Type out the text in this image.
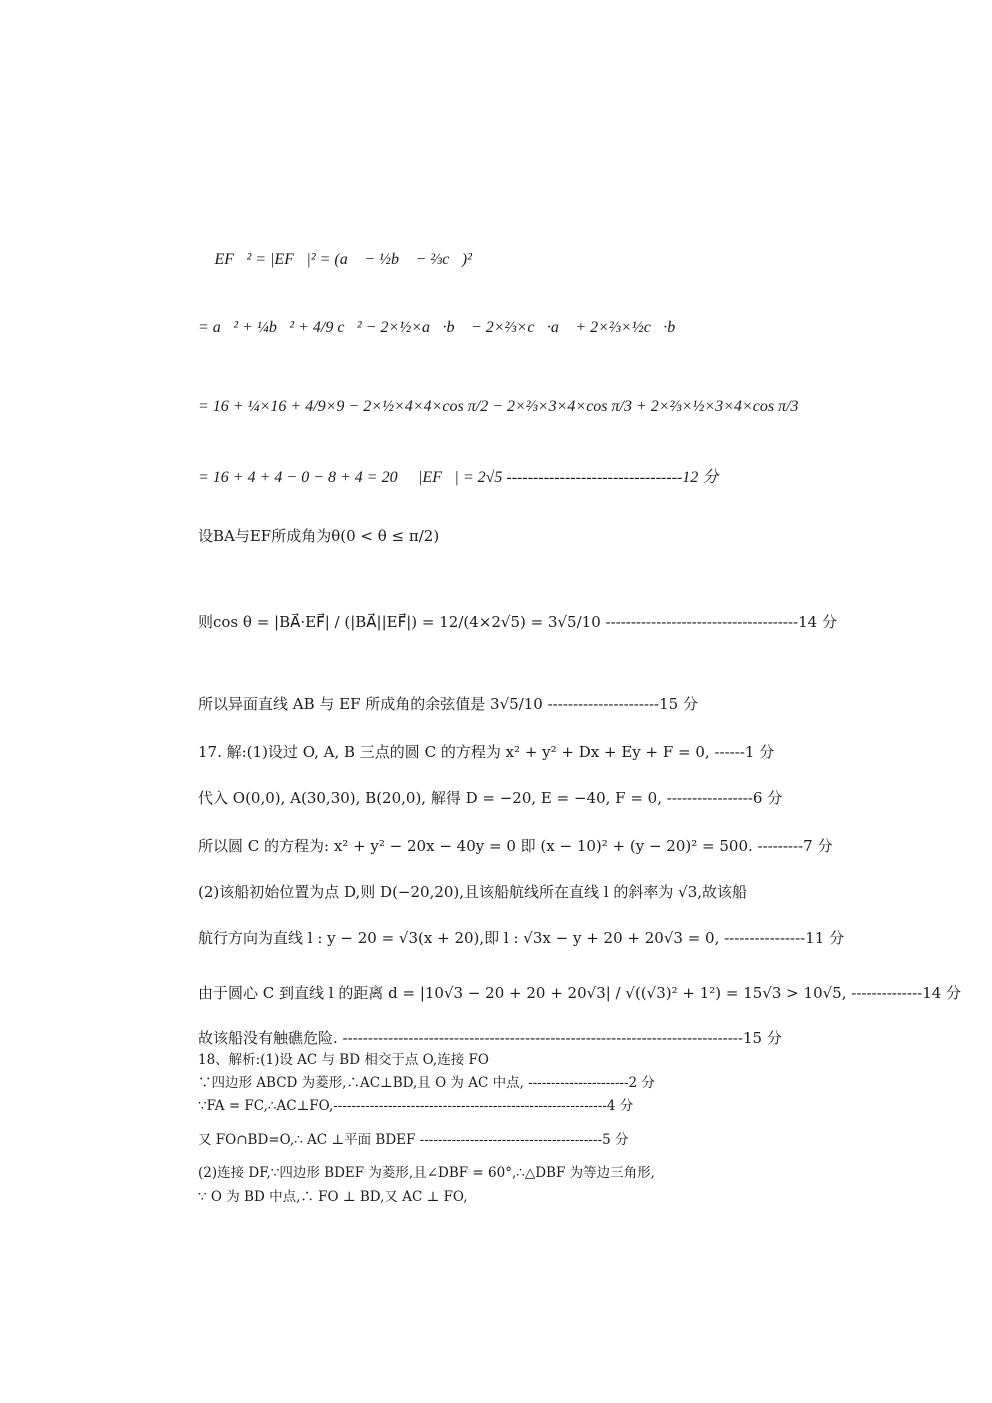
∴ EF⃗² = |EF⃗|² = (a⃗ − ½b⃗ − ⅔c⃗)²
= a⃗² + ¼b⃗² + 4/9 c⃗² − 2×½×a⃗·b⃗ − 2×⅔×c⃗·a⃗ + 2×⅔×½c⃗·b⃗
= 16 + ¼×16 + 4/9×9 − 2×½×4×4×cos π/2 − 2×⅔×3×4×cos π/3 + 2×⅔×½×3×4×cos π/3
= 16 + 4 + 4 − 0 − 8 + 4 = 20 ∴ |EF⃗| = 2√5 ---------------------------------12 分
设BA与EF所成角为θ(0 < θ ≤ π/2)
则cos θ = |BA⃗·EF⃗| / (|BA⃗||EF⃗|) = 12/(4×2√5) = 3√5/10 --------------------------------------14 分
所以异面直线 AB 与 EF 所成角的余弦值是 3√5/10 ----------------------15 分
17. 解:(1)设过 O, A, B 三点的圆 C 的方程为 x² + y² + Dx + Ey + F = 0, ------1 分
代入 O(0,0), A(30,30), B(20,0), 解得 D = −20, E = −40, F = 0, -----------------6 分
所以圆 C 的方程为: x² + y² − 20x − 40y = 0 即 (x − 10)² + (y − 20)² = 500. ---------7 分
(2)该船初始位置为点 D,则 D(−20,20),且该船航线所在直线 l 的斜率为 √3,故该船
航行方向为直线 l : y − 20 = √3(x + 20),即 l : √3x − y + 20 + 20√3 = 0, ----------------11 分
由于圆心 C 到直线 l 的距离 d = |10√3 − 20 + 20 + 20√3| / √((√3)² + 1²) = 15√3 > 10√5, --------------14 分
故该船没有触礁危险. -------------------------------------------------------------------------------15 分
18、解析:(1)设 AC 与 BD 相交于点 O,连接 FO
∵四边形 ABCD 为菱形,∴AC⊥BD,且 O 为 AC 中点, ----------------------2 分
∵FA = FC,∴AC⊥FO,------------------------------------------------------------4 分
又 FO∩BD=O,∴ AC ⊥平面 BDEF ----------------------------------------5 分
(2)连接 DF,∵四边形 BDEF 为菱形,且∠DBF = 60°,∴△DBF 为等边三角形,
∵ O 为 BD 中点,∴ FO ⊥ BD,又 AC ⊥ FO,
